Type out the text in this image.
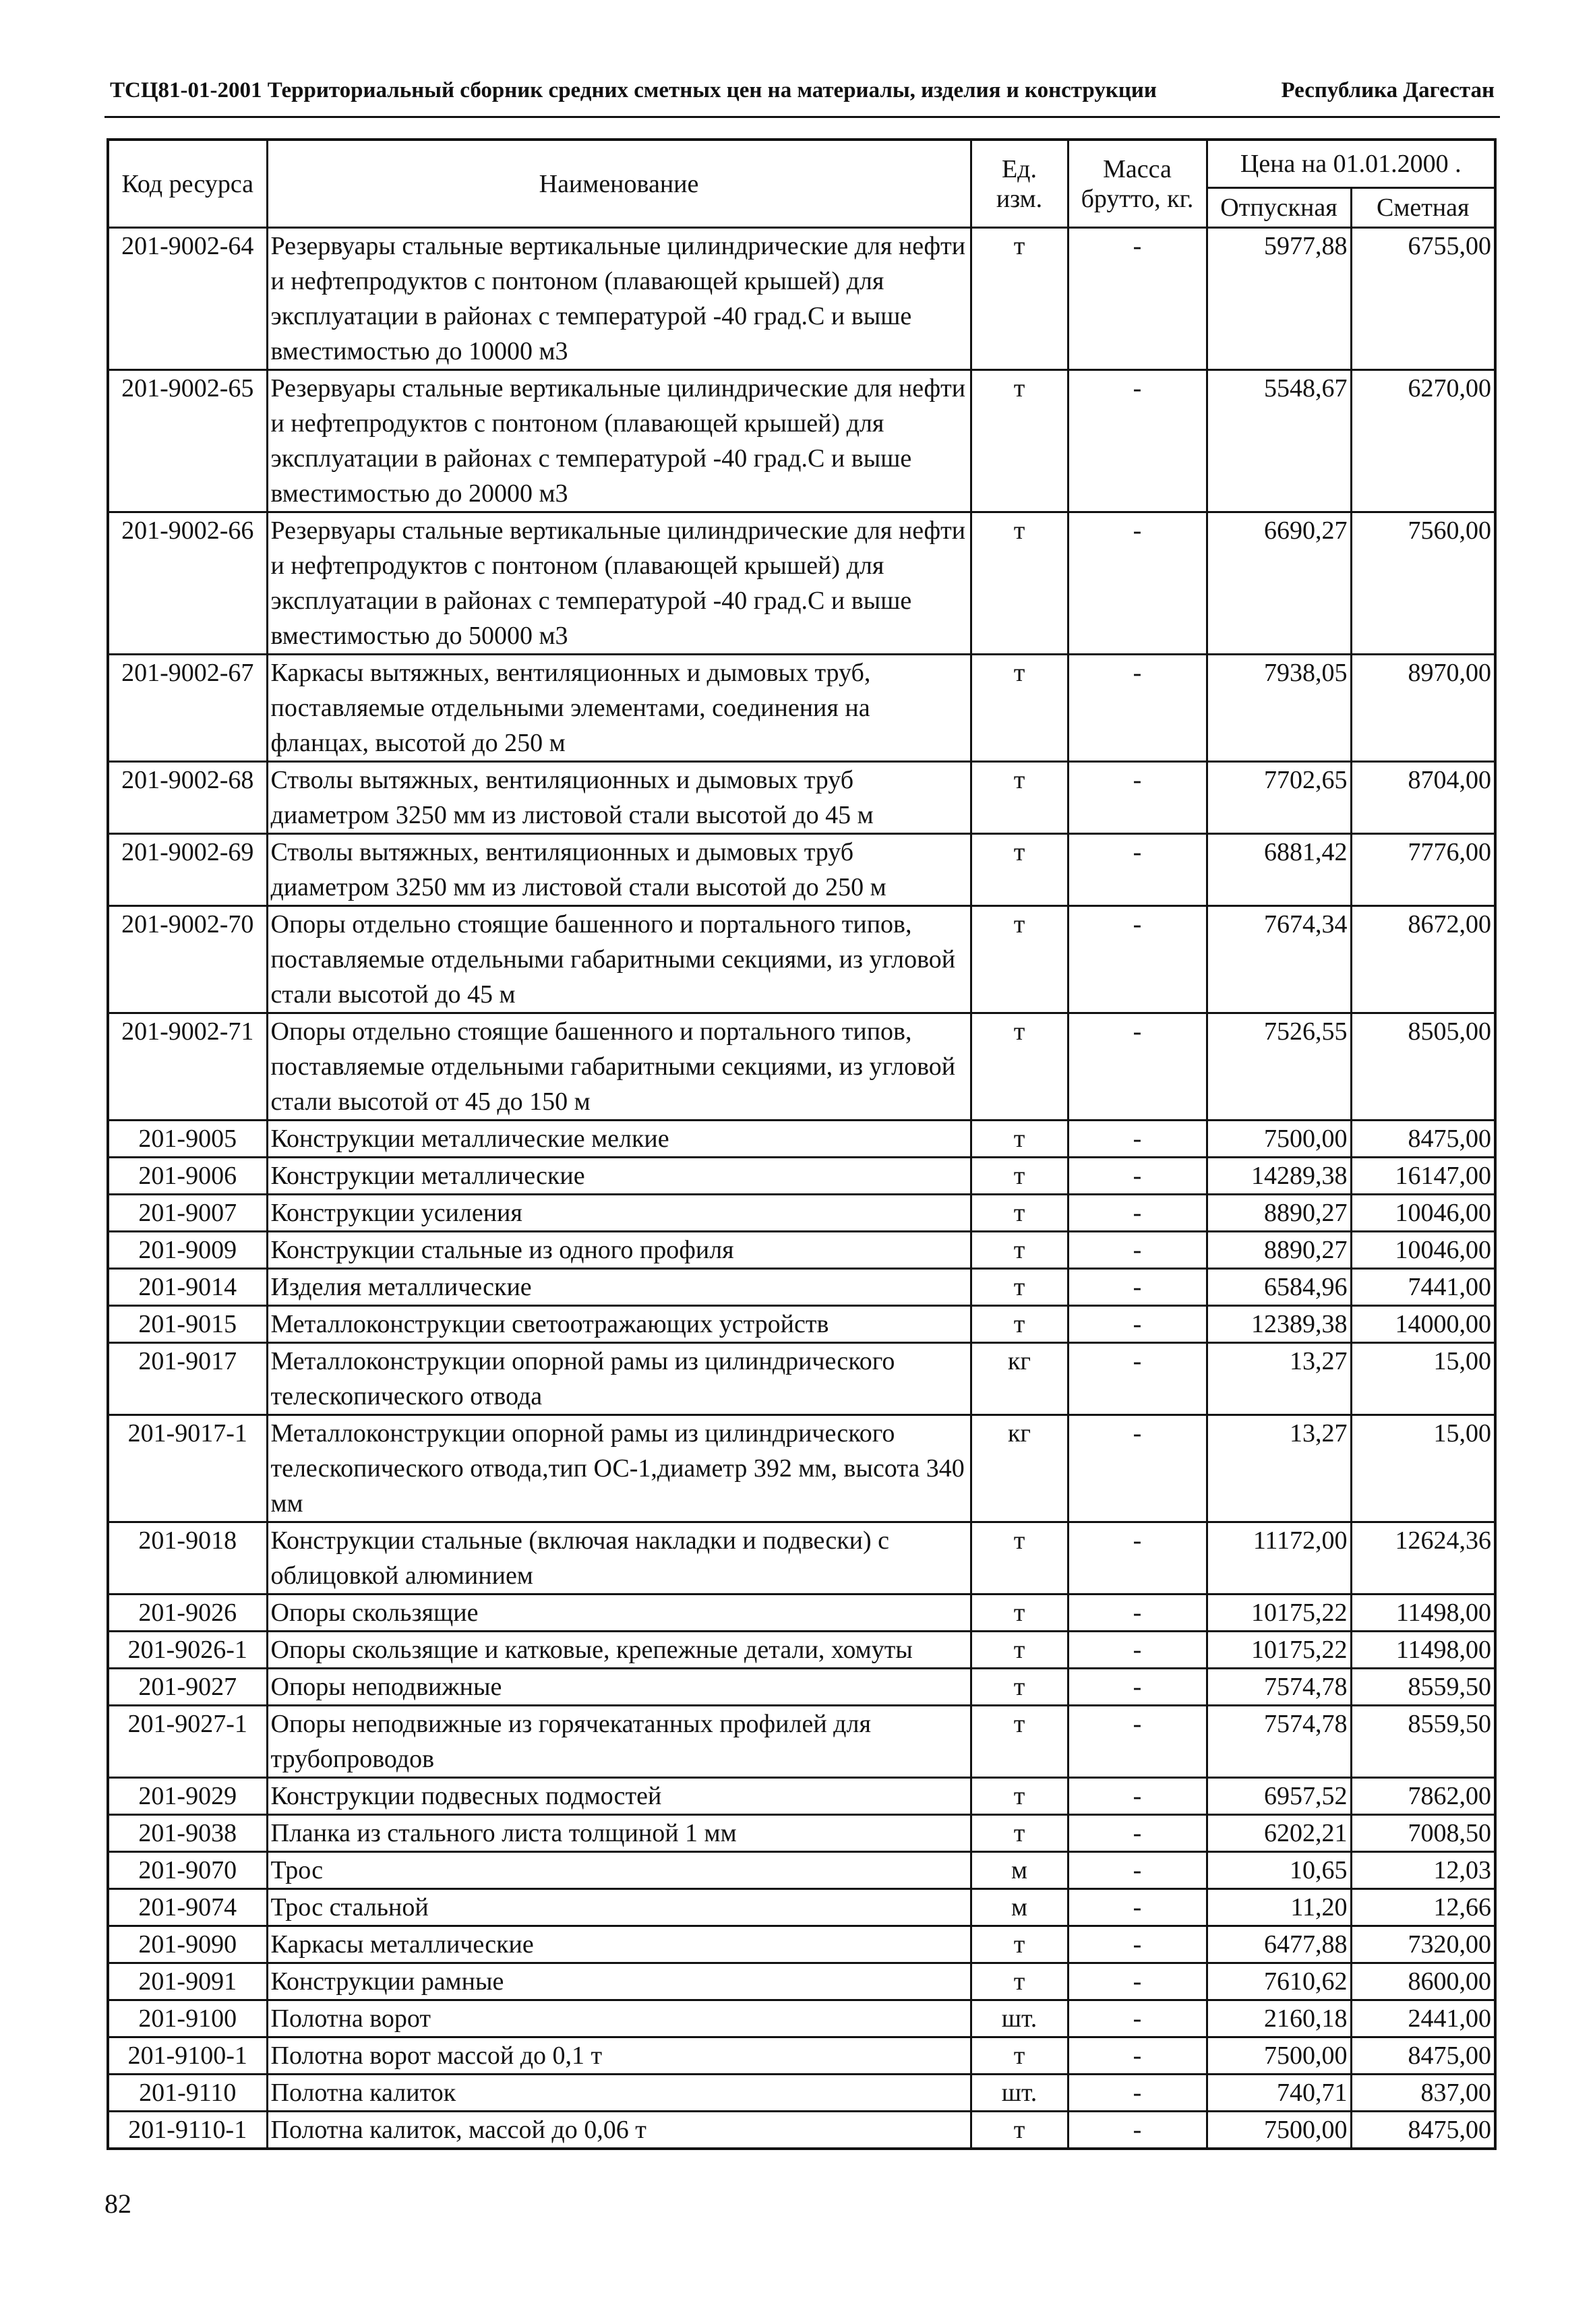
ТСЦ81-01-2001 Территориальный сборник средних сметных цен на материалы, изделия и конструкции	Республика Дагестан
Код ресурса	Наименование	Ед. изм.	Масса брутто, кг.	Цена на 01.01.2000 .	
				Отпускная	Сметная
201-9002-64	Резервуары стальные вертикальные цилиндрические для нефти и нефтепродуктов с понтоном (плавающей крышей) для эксплуатации в районах с температурой -40 град.С и выше вместимостью до 10000 м3	т	-	5977,88	6755,00
201-9002-65	Резервуары стальные вертикальные цилиндрические для нефти и нефтепродуктов с понтоном (плавающей крышей) для эксплуатации в районах с температурой -40 град.С и выше вместимостью до 20000 м3	т	-	5548,67	6270,00
201-9002-66	Резервуары стальные вертикальные цилиндрические для нефти и нефтепродуктов с понтоном (плавающей крышей) для эксплуатации в районах с температурой -40 град.С и выше вместимостью до 50000 м3	т	-	6690,27	7560,00
201-9002-67	Каркасы вытяжных, вентиляционных и дымовых труб, поставляемые отдельными элементами, соединения на фланцах, высотой до 250 м	т	-	7938,05	8970,00
201-9002-68	Стволы вытяжных, вентиляционных и дымовых труб диаметром 3250 мм из листовой стали высотой до 45 м	т	-	7702,65	8704,00
201-9002-69	Стволы вытяжных, вентиляционных и дымовых труб диаметром 3250 мм из листовой стали высотой до 250 м	т	-	6881,42	7776,00
201-9002-70	Опоры отдельно стоящие башенного и портального типов, поставляемые отдельными габаритными секциями, из угловой стали высотой до 45 м	т	-	7674,34	8672,00
201-9002-71	Опоры отдельно стоящие башенного и портального типов, поставляемые отдельными габаритными секциями, из угловой стали высотой от 45 до 150 м	т	-	7526,55	8505,00
201-9005	Конструкции металлические мелкие	т	-	7500,00	8475,00
201-9006	Конструкции металлические	т	-	14289,38	16147,00
201-9007	Конструкции усиления	т	-	8890,27	10046,00
201-9009	Конструкции стальные из одного профиля	т	-	8890,27	10046,00
201-9014	Изделия металлические	т	-	6584,96	7441,00
201-9015	Металлоконструкции светоотражающих устройств	т	-	12389,38	14000,00
201-9017	Металлоконструкции опорной рамы из цилиндрического телескопического отвода	кг	-	13,27	15,00
201-9017-1	Металлоконструкции опорной рамы из цилиндрического телескопического отвода,тип ОС-1,диаметр 392 мм, высота 340 мм	кг	-	13,27	15,00
201-9018	Конструкции стальные (включая накладки и подвески) с облицовкой алюминием	т	-	11172,00	12624,36
201-9026	Опоры скользящие	т	-	10175,22	11498,00
201-9026-1	Опоры скользящие и катковые, крепежные детали, хомуты	т	-	10175,22	11498,00
201-9027	Опоры неподвижные	т	-	7574,78	8559,50
201-9027-1	Опоры неподвижные из горячекатанных профилей для трубопроводов	т	-	7574,78	8559,50
201-9029	Конструкции подвесных подмостей	т	-	6957,52	7862,00
201-9038	Планка из стального листа толщиной 1 мм	т	-	6202,21	7008,50
201-9070	Трос	м	-	10,65	12,03
201-9074	Трос стальной	м	-	11,20	12,66
201-9090	Каркасы металлические	т	-	6477,88	7320,00
201-9091	Конструкции рамные	т	-	7610,62	8600,00
201-9100	Полотна ворот	шт.	-	2160,18	2441,00
201-9100-1	Полотна ворот массой до 0,1 т	т	-	7500,00	8475,00
201-9110	Полотна калиток	шт.	-	740,71	837,00
201-9110-1	Полотна калиток, массой до 0,06 т	т	-	7500,00	8475,00
82
